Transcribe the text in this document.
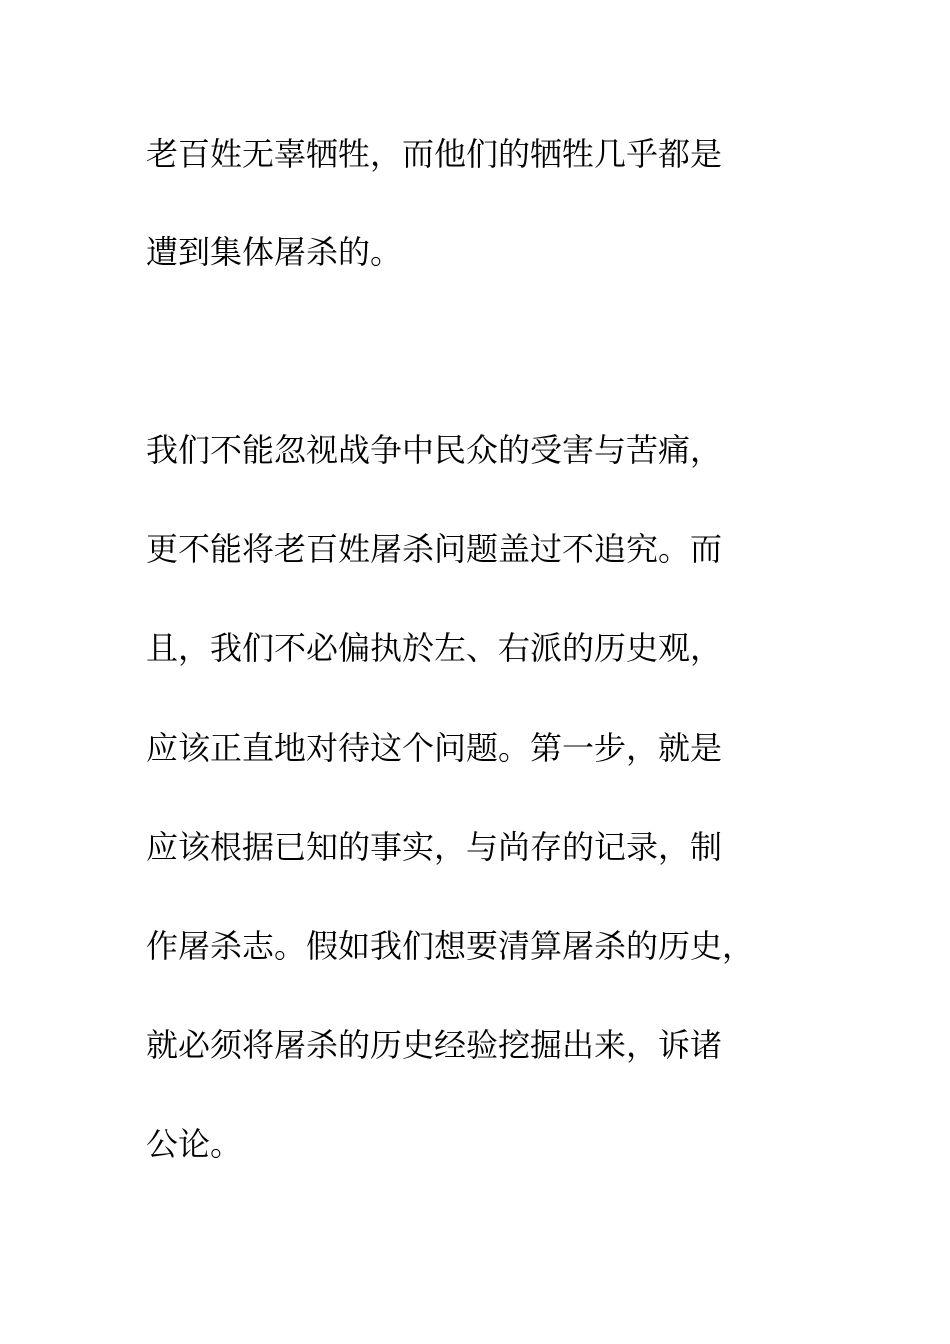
老百姓无辜牺牲，而他们的牺牲几乎都是
遭到集体屠杀的。
我们不能忽视战争中民众的受害与苦痛，
更不能将老百姓屠杀问题盖过不追究。而
且，我们不必偏执於左、右派的历史观，
应该正直地对待这个问题。第一步，就是
应该根据已知的事实，与尚存的记录，制
作屠杀志。假如我们想要清算屠杀的历史，
就必须将屠杀的历史经验挖掘出来，诉诸
公论。
